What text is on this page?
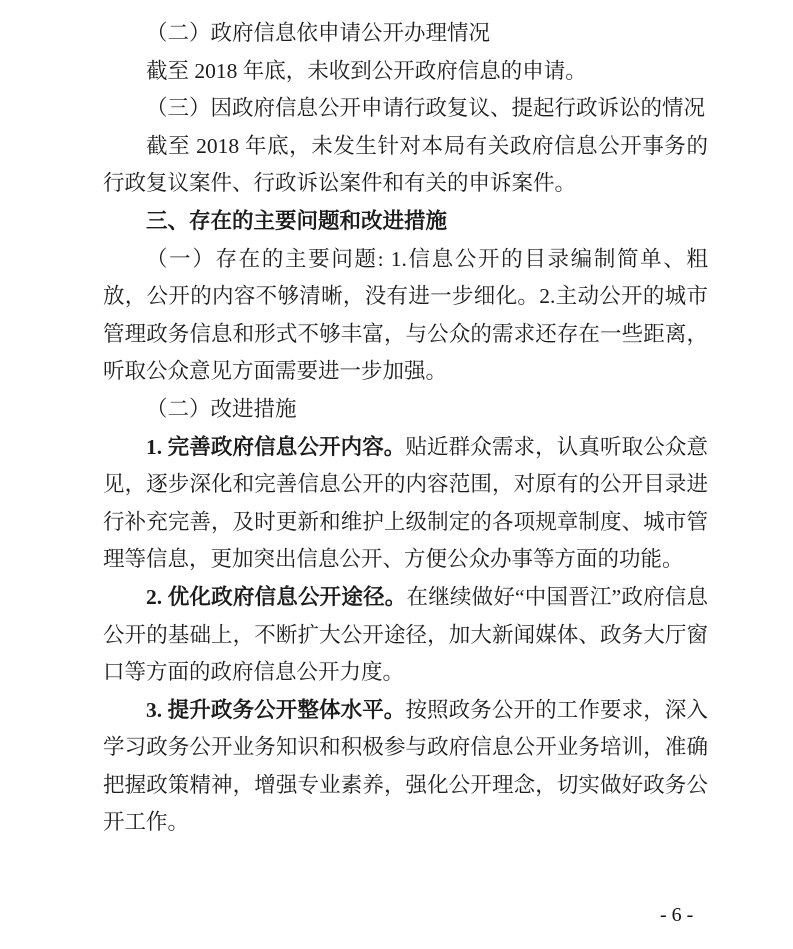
（二）政府信息依申请公开办理情况

截至 2018 年底，未收到公开政府信息的申请。

（三）因政府信息公开申请行政复议、提起行政诉讼的情况

截至 2018 年底，未发生针对本局有关政府信息公开事务的行政复议案件、行政诉讼案件和有关的申诉案件。

三、存在的主要问题和改进措施

（一）存在的主要问题: 1.信息公开的目录编制简单、粗放，公开的内容不够清晰，没有进一步细化。2.主动公开的城市管理政务信息和形式不够丰富，与公众的需求还存在一些距离，听取公众意见方面需要进一步加强。

（二）改进措施

1. 完善政府信息公开内容。贴近群众需求，认真听取公众意见，逐步深化和完善信息公开的内容范围，对原有的公开目录进行补充完善，及时更新和维护上级制定的各项规章制度、城市管理等信息，更加突出信息公开、方便公众办事等方面的功能。

2. 优化政府信息公开途径。在继续做好“中国晋江”政府信息公开的基础上，不断扩大公开途径，加大新闻媒体、政务大厅窗口等方面的政府信息公开力度。

3. 提升政务公开整体水平。按照政务公开的工作要求，深入学习政务公开业务知识和积极参与政府信息公开业务培训，准确把握政策精神，增强专业素养，强化公开理念，切实做好政务公开工作。

- 6 -
